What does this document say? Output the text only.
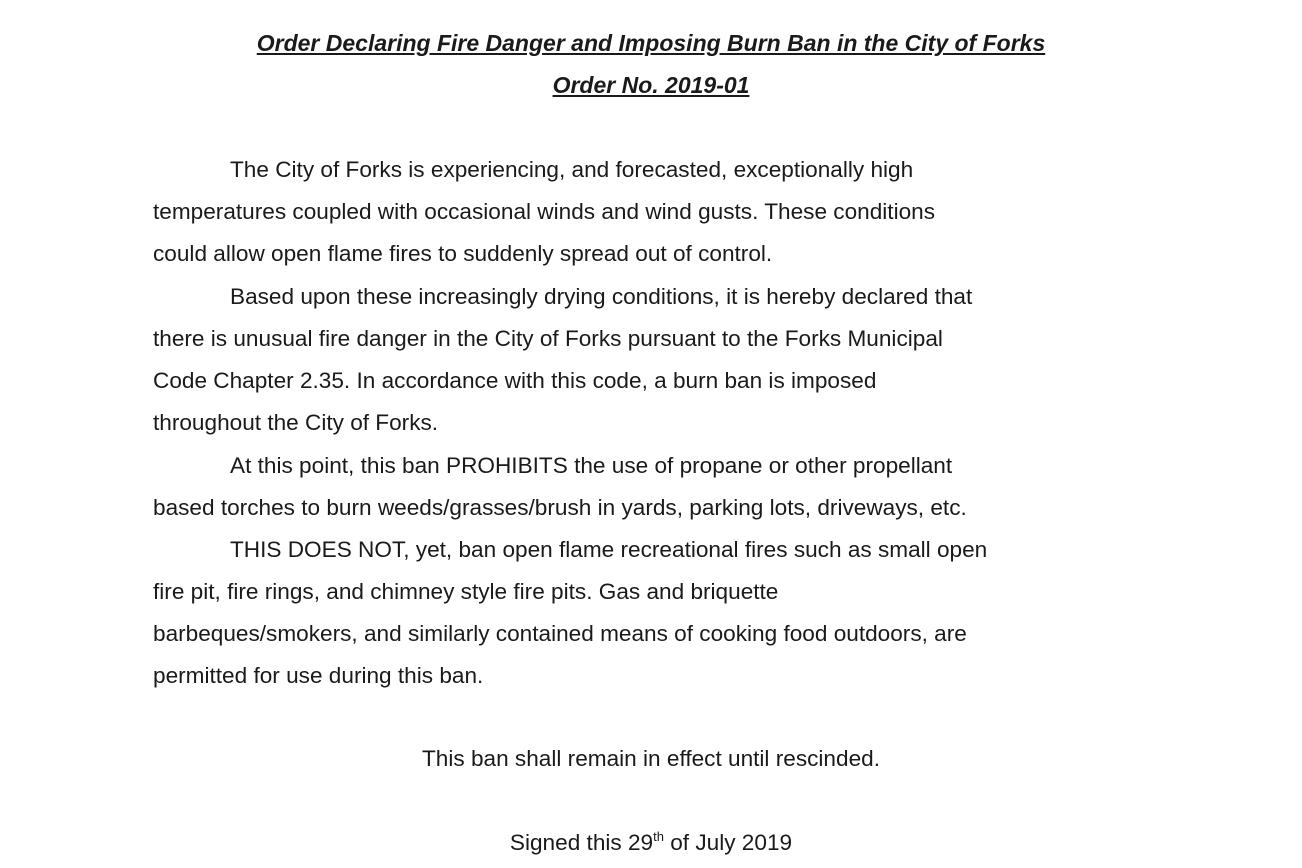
Order Declaring Fire Danger and Imposing Burn Ban in the City of Forks
Order No. 2019-01
The City of Forks is experiencing, and forecasted, exceptionally high
temperatures coupled with occasional winds and wind gusts. These conditions
could allow open flame fires to suddenly spread out of control.
Based upon these increasingly drying conditions, it is hereby declared that
there is unusual fire danger in the City of Forks pursuant to the Forks Municipal
Code Chapter 2.35. In accordance with this code, a burn ban is imposed
throughout the City of Forks.
At this point, this ban PROHIBITS the use of propane or other propellant
based torches to burn weeds/grasses/brush in yards, parking lots, driveways, etc.
THIS DOES NOT, yet, ban open flame recreational fires such as small open
fire pit, fire rings, and chimney style fire pits. Gas and briquette
barbeques/smokers, and similarly contained means of cooking food outdoors, are
permitted for use during this ban.
This ban shall remain in effect until rescinded.
Signed this 29th of July 2019
